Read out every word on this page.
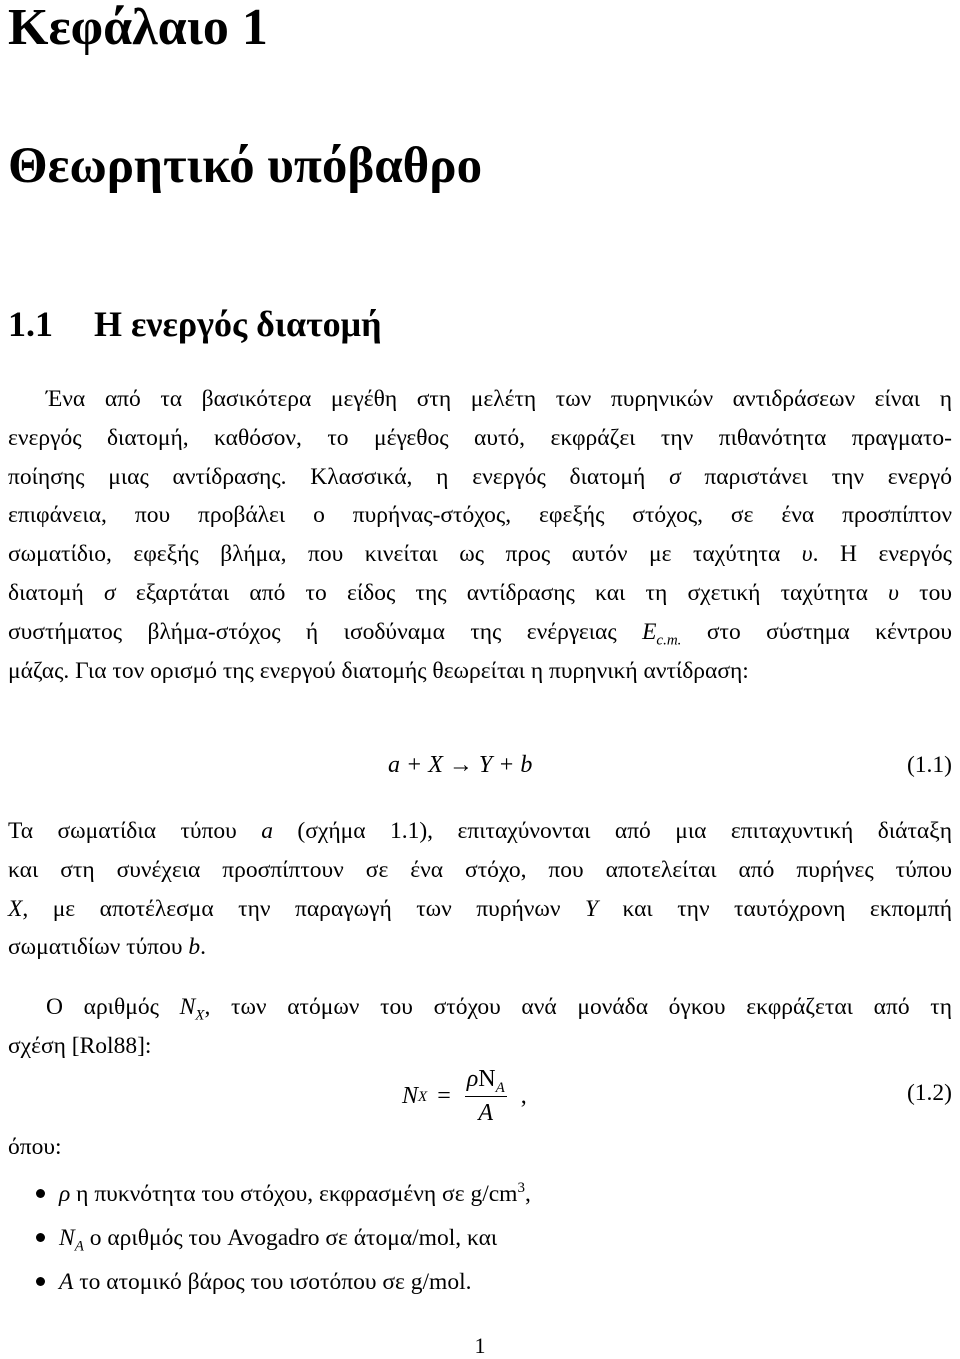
Κεφάλαιο 1
Θεωρητικό υπόβαθρο
1.1 Η ενεργός διατομή
Ένα από τα βασικότερα μεγέθη στη μελέτη των πυρηνικών αντιδράσεων είναι η
ενεργός διατομή, καθόσον, το μέγεθος αυτό, εκφράζει την πιθανότητα πραγματο-
ποίησης μιας αντίδρασης. Κλασσικά, η ενεργός διατομή σ παριστάνει την ενεργό
επιφάνεια, που προβάλει ο πυρήνας-στόχος, εφεξής στόχος, σε ένα προσπίπτον
σωματίδιο, εφεξής βλήμα, που κινείται ως προς αυτόν με ταχύτητα υ. Η ενεργός
διατομή σ εξαρτάται από το είδος της αντίδρασης και τη σχετική ταχύτητα υ του
συστήματος βλήμα-στόχος ή ισοδύναμα της ενέργειας $E_{c.m.}$ στο σύστημα κέντρου
μάζας. Για τον ορισμό της ενεργού διατομής θεωρείται η πυρηνική αντίδραση:
a + X → Y + b	(1.1)
Τα σωματίδια τύπου a (σχήμα 1.1), επιταχύνονται από μια επιταχυντική διάταξη
και στη συνέχεια προσπίπτουν σε ένα στόχο, που αποτελείται από πυρήνες τύπου
X, με αποτέλεσμα την παραγωγή των πυρήνων Y και την ταυτόχρονη εκπομπή
σωματιδίων τύπου b.
Ο αριθμός $N_X$, των ατόμων του στόχου ανά μονάδα όγκου εκφράζεται από τη
σχέση [Rol88]:
N $X = \frac{\rho N_A}{A}$ ,	(1.2)
όπου:
ρ η πυκνότητα του στόχου, εκφρασμένη σε $g/cm^3$,
$N_A$ ο αριθμός του Avogadro σε άτομα/mol, και
A το ατομικό βάρος του ισοτόπου σε g/mol.
1
